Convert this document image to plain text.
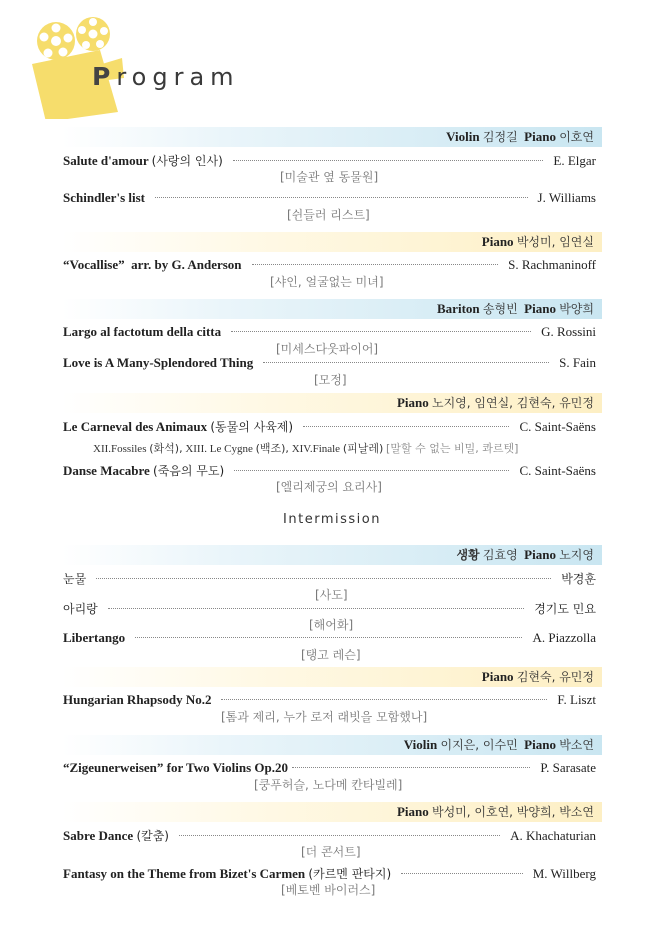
Program
Violin 김정길 Piano 이호연
Salute d'amour (사랑의 인사)	E. Elgar
[미술관 옆 동물원]
Schindler's list	J. Williams
[쉰들러 리스트]
Piano 박성미, 임연실
“Vocallise” arr. by G. Anderson	S. Rachmaninoff
[샤인, 얼굴없는 미녀]
Bariton 송형빈 Piano 박양희
Largo al factotum della citta	G. Rossini
[미세스다웃파이어]
Love is A Many-Splendored Thing	S. Fain
[모정]
Piano 노지영, 임연실, 김현숙, 유민정
Le Carneval des Animaux (동물의 사육제)	C. Saint-Saëns
XII.Fossiles (화석), XIII. Le Cygne (백조), XIV.Finale (피날레) [말할 수 없는 비밀, 콰르텟]
Danse Macabre (죽음의 무도)	C. Saint-Saëns
[엘리제궁의 요리사]
Intermission
생황 김효영 Piano 노지영
눈물	박경훈
[사도]
아리랑	경기도 민요
[해어화]
Libertango	A. Piazzolla
[탱고 레슨]
Piano 김현숙, 유민정
Hungarian Rhapsody No.2	F. Liszt
[톰과 제리, 누가 로저 래빗을 모함했나]
Violin 이지은, 이수민 Piano 박소연
“Zigeunerweisen” for Two Violins Op.20	P. Sarasate
[쿵푸허슬, 노다메 칸타빌레]
Piano 박성미, 이호연, 박양희, 박소연
Sabre Dance (칼춤)	A. Khachaturian
[더 콘서트]
Fantasy on the Theme from Bizet's Carmen (카르멘 판타지)	M. Willberg
[베토벤 바이러스]
